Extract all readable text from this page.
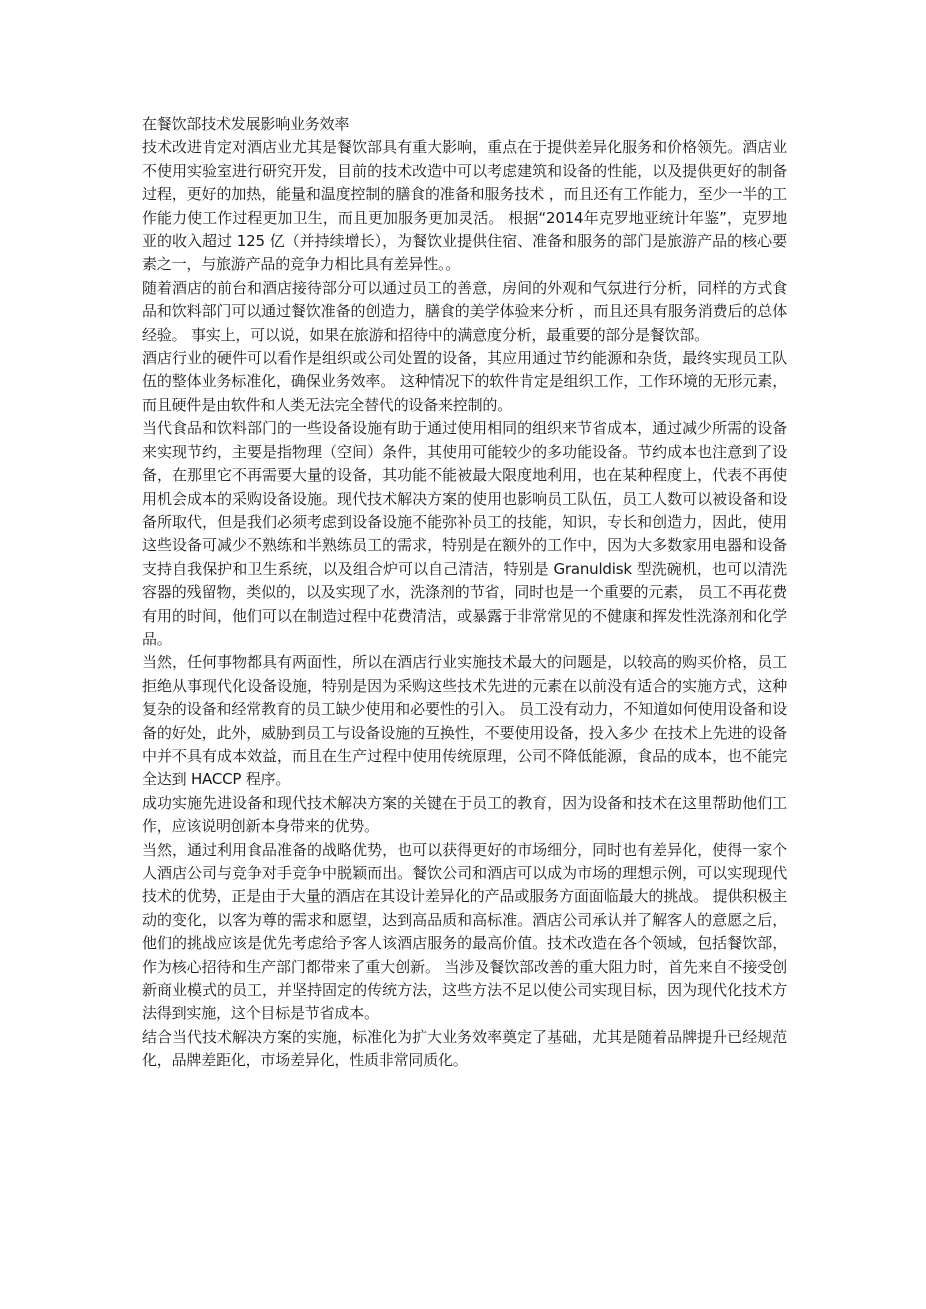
在餐饮部技术发展影响业务效率

技术改进肯定对酒店业尤其是餐饮部具有重大影响，重点在于提供差异化服务和价格领先。酒店业不使用实验室进行研究开发，目前的技术改造中可以考虑建筑和设备的性能，以及提供更好的制备过程，更好的加热，能量和温度控制的膳食的准备和服务技术 ，而且还有工作能力，至少一半的工作能力使工作过程更加卫生，而且更加服务更加灵活。 根据“2014年克罗地亚统计年鉴”，克罗地亚的收入超过 125 亿（并持续增长），为餐饮业提供住宿、准备和服务的部门是旅游产品的核心要素之一，与旅游产品的竞争力相比具有差异性。。

随着酒店的前台和酒店接待部分可以通过员工的善意，房间的外观和气氛进行分析，同样的方式食品和饮料部门可以通过餐饮准备的创造力，膳食的美学体验来分析 ，而且还具有服务消费后的总体经验。 事实上，可以说，如果在旅游和招待中的满意度分析，最重要的部分是餐饮部。

酒店行业的硬件可以看作是组织或公司处置的设备，其应用通过节约能源和杂货，最终实现员工队伍的整体业务标准化，确保业务效率。 这种情况下的软件肯定是组织工作，工作环境的无形元素，而且硬件是由软件和人类无法完全替代的设备来控制的。

当代食品和饮料部门的一些设备设施有助于通过使用相同的组织来节省成本，通过减少所需的设备来实现节约，主要是指物理（空间）条件，其使用可能较少的多功能设备。节约成本也注意到了设备，在那里它不再需要大量的设备，其功能不能被最大限度地利用，也在某种程度上，代表不再使用机会成本的采购设备设施。现代技术解决方案的使用也影响员工队伍，员工人数可以被设备和设备所取代，但是我们必须考虑到设备设施不能弥补员工的技能，知识，专长和创造力，因此，使用这些设备可减少不熟练和半熟练员工的需求，特别是在额外的工作中，因为大多数家用电器和设备支持自我保护和卫生系统，以及组合炉可以自己清洁，特别是 Granuldisk 型洗碗机，也可以清洗容器的残留物，类似的，以及实现了水，洗涤剂的节省，同时也是一个重要的元素， 员工不再花费有用的时间，他们可以在制造过程中花费清洁，或暴露于非常常见的不健康和挥发性洗涤剂和化学品。

当然，任何事物都具有两面性，所以在酒店行业实施技术最大的问题是，以较高的购买价格，员工拒绝从事现代化设备设施，特别是因为采购这些技术先进的元素在以前没有适合的实施方式，这种复杂的设备和经常教育的员工缺少使用和必要性的引入。 员工没有动力，不知道如何使用设备和设备的好处，此外，威胁到员工与设备设施的互换性，不要使用设备，投入多少 在技术上先进的设备中并不具有成本效益，而且在生产过程中使用传统原理，公司不降低能源，食品的成本，也不能完全达到 HACCP 程序。

成功实施先进设备和现代技术解决方案的关键在于员工的教育，因为设备和技术在这里帮助他们工作，应该说明创新本身带来的优势。

当然，通过利用食品准备的战略优势，也可以获得更好的市场细分，同时也有差异化，使得一家个人酒店公司与竞争对手竞争中脱颖而出。餐饮公司和酒店可以成为市场的理想示例，可以实现现代技术的优势，正是由于大量的酒店在其设计差异化的产品或服务方面面临最大的挑战。 提供积极主动的变化，以客为尊的需求和愿望，达到高品质和高标准。酒店公司承认并了解客人的意愿之后，他们的挑战应该是优先考虑给予客人该酒店服务的最高价值。技术改造在各个领域，包括餐饮部，作为核心招待和生产部门都带来了重大创新。 当涉及餐饮部改善的重大阻力时，首先来自不接受创新商业模式的员工，并坚持固定的传统方法，这些方法不足以使公司实现目标，因为现代化技术方法得到实施，这个目标是节省成本。

结合当代技术解决方案的实施，标准化为扩大业务效率奠定了基础，尤其是随着品牌提升已经规范化，品牌差距化，市场差异化，性质非常同质化。
